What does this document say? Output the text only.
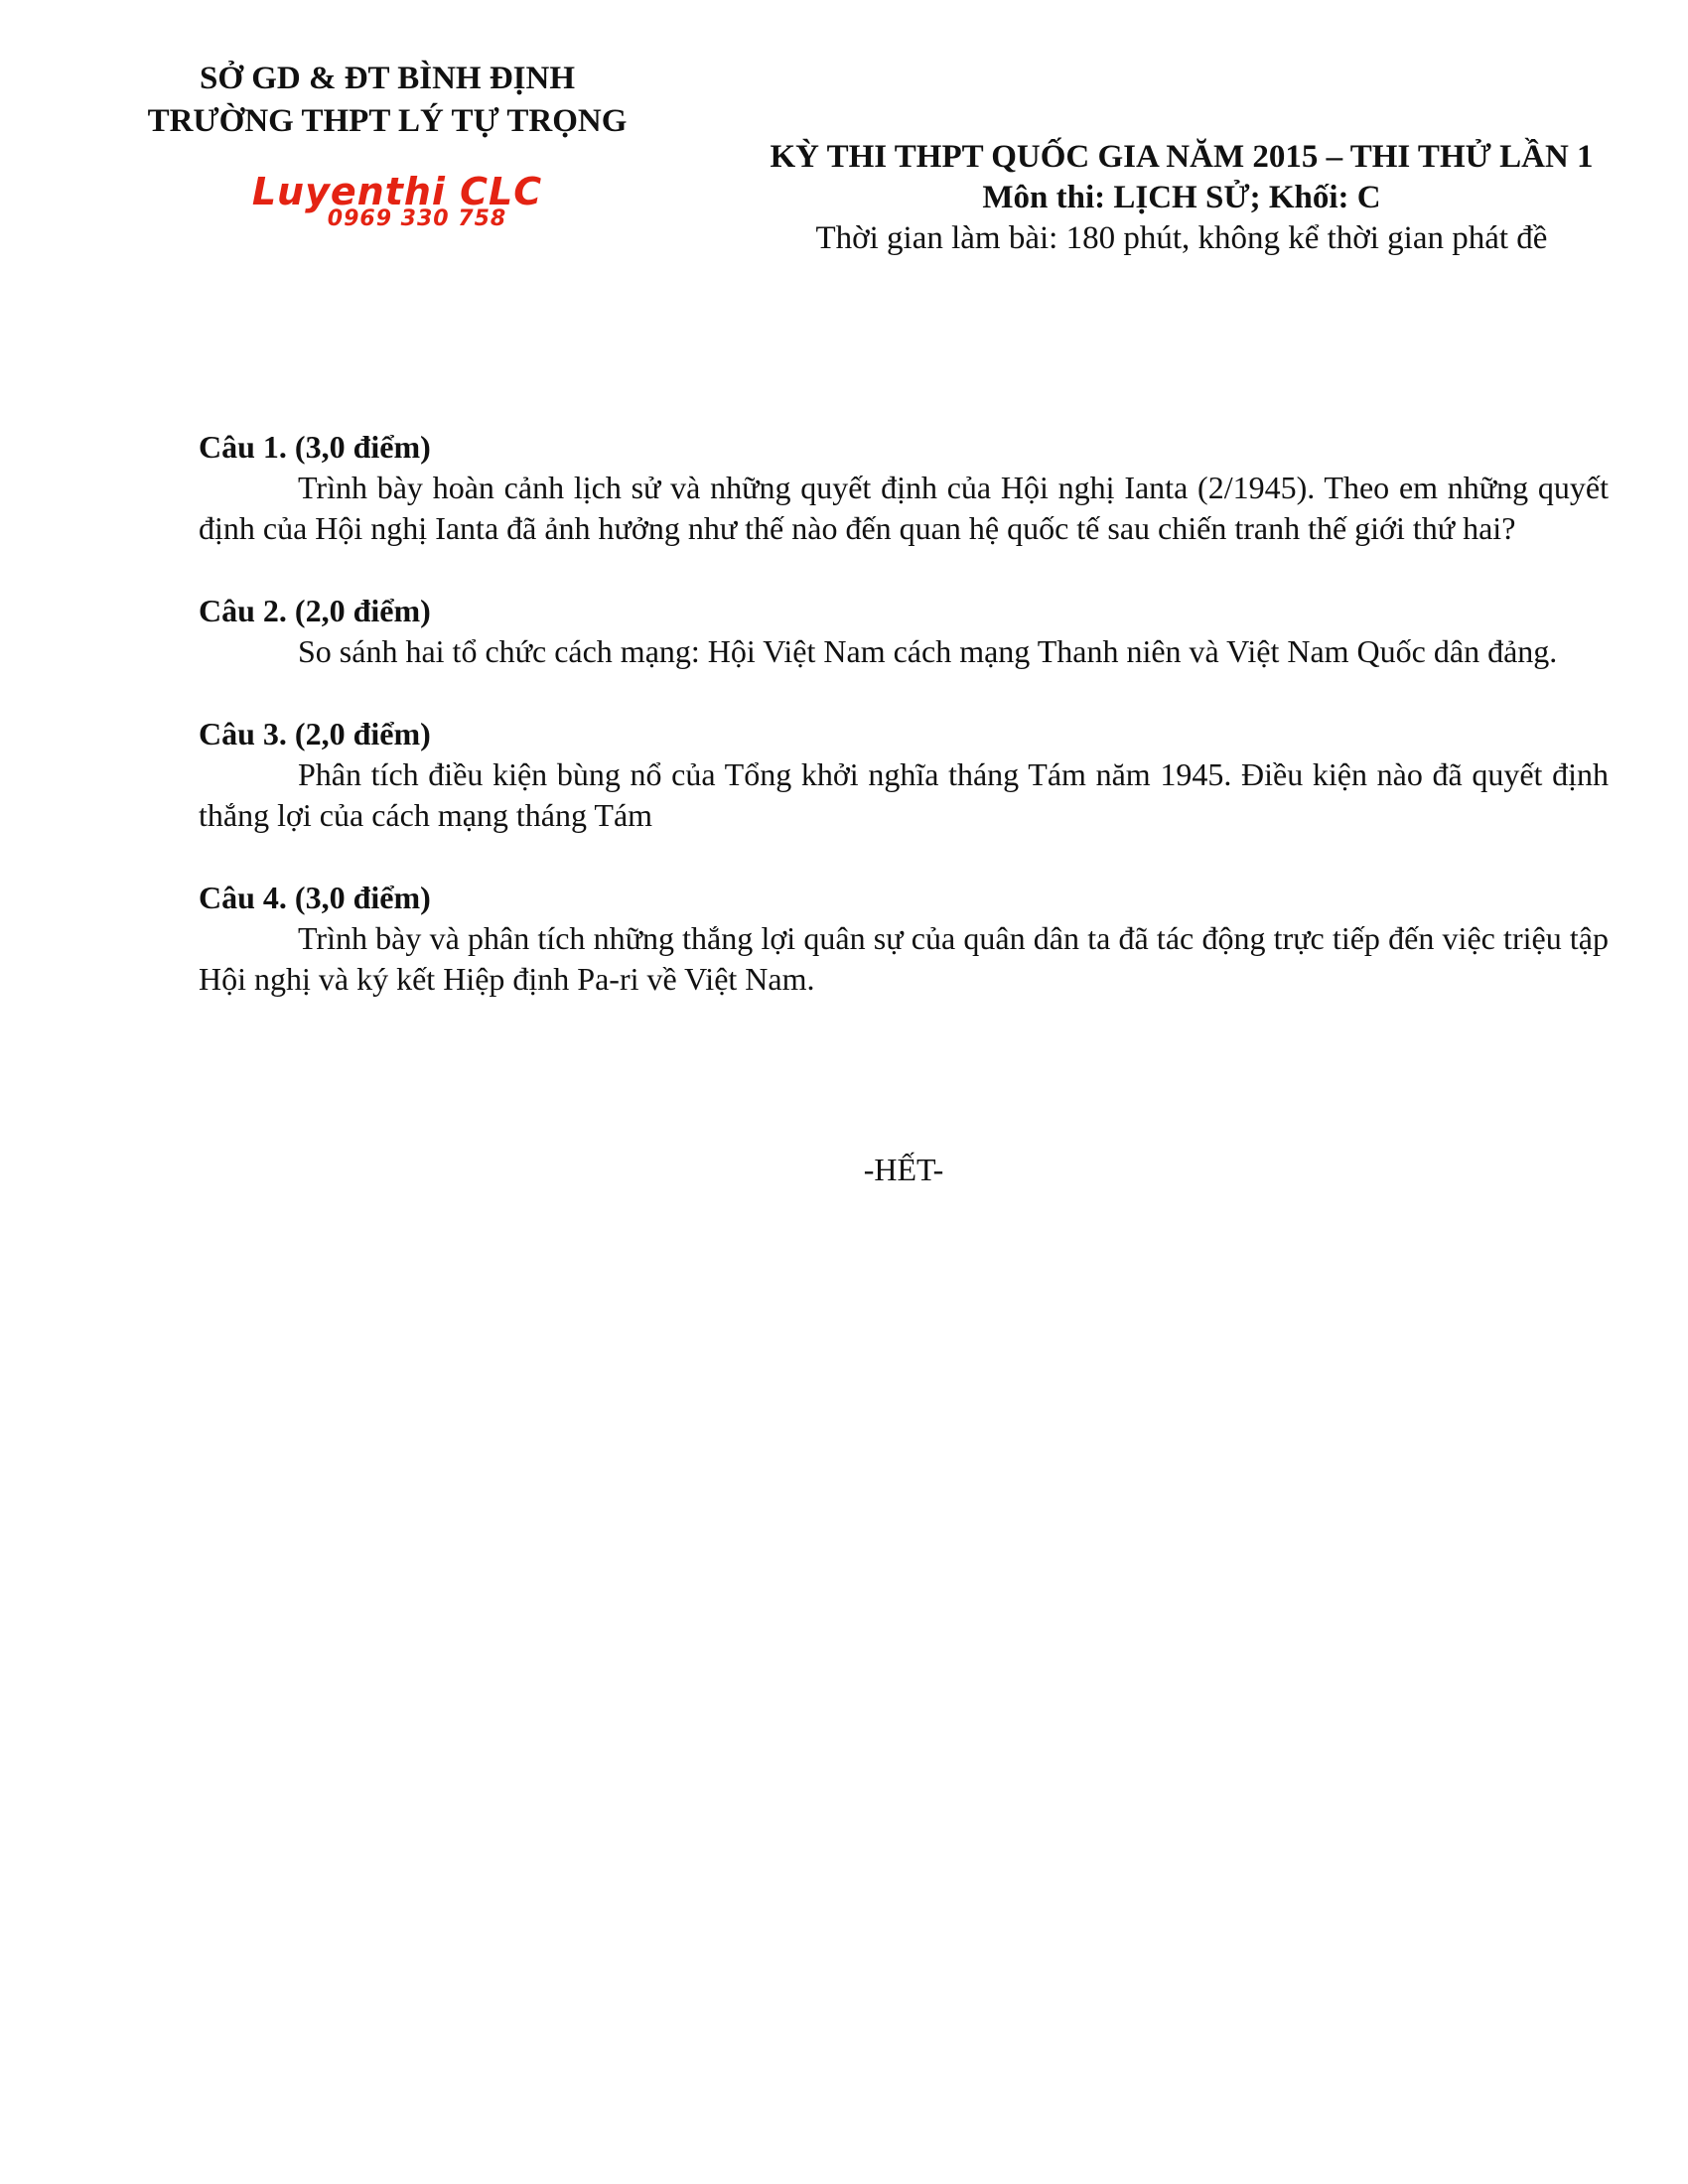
SỞ GD & ĐT BÌNH ĐỊNH
TRƯỜNG THPT LÝ TỰ TRỌNG
Luyenthi CLC
0969 330 758
KỲ THI THPT QUỐC GIA NĂM 2015 – THI THỬ LẦN 1
Môn thi: LỊCH SỬ; Khối: C
Thời gian làm bài: 180 phút, không kể thời gian phát đề
Câu 1. (3,0 điểm)
Trình bày hoàn cảnh lịch sử và những quyết định của Hội nghị Ianta (2/1945). Theo em những quyết định của Hội nghị Ianta đã ảnh hưởng như thế nào đến quan hệ quốc tế sau chiến tranh thế giới thứ hai?
Câu 2. (2,0 điểm)
So sánh hai tổ chức cách mạng: Hội Việt Nam cách mạng Thanh niên và Việt Nam Quốc dân đảng.
Câu 3. (2,0 điểm)
Phân tích điều kiện bùng nổ của Tổng khởi nghĩa tháng Tám năm 1945. Điều kiện nào đã quyết định thắng lợi của cách mạng tháng Tám
Câu 4. (3,0 điểm)
Trình bày và phân tích những thắng lợi quân sự của quân dân ta đã tác động trực tiếp đến việc triệu tập Hội nghị và ký kết Hiệp định Pa-ri về Việt Nam.
-HẾT-
